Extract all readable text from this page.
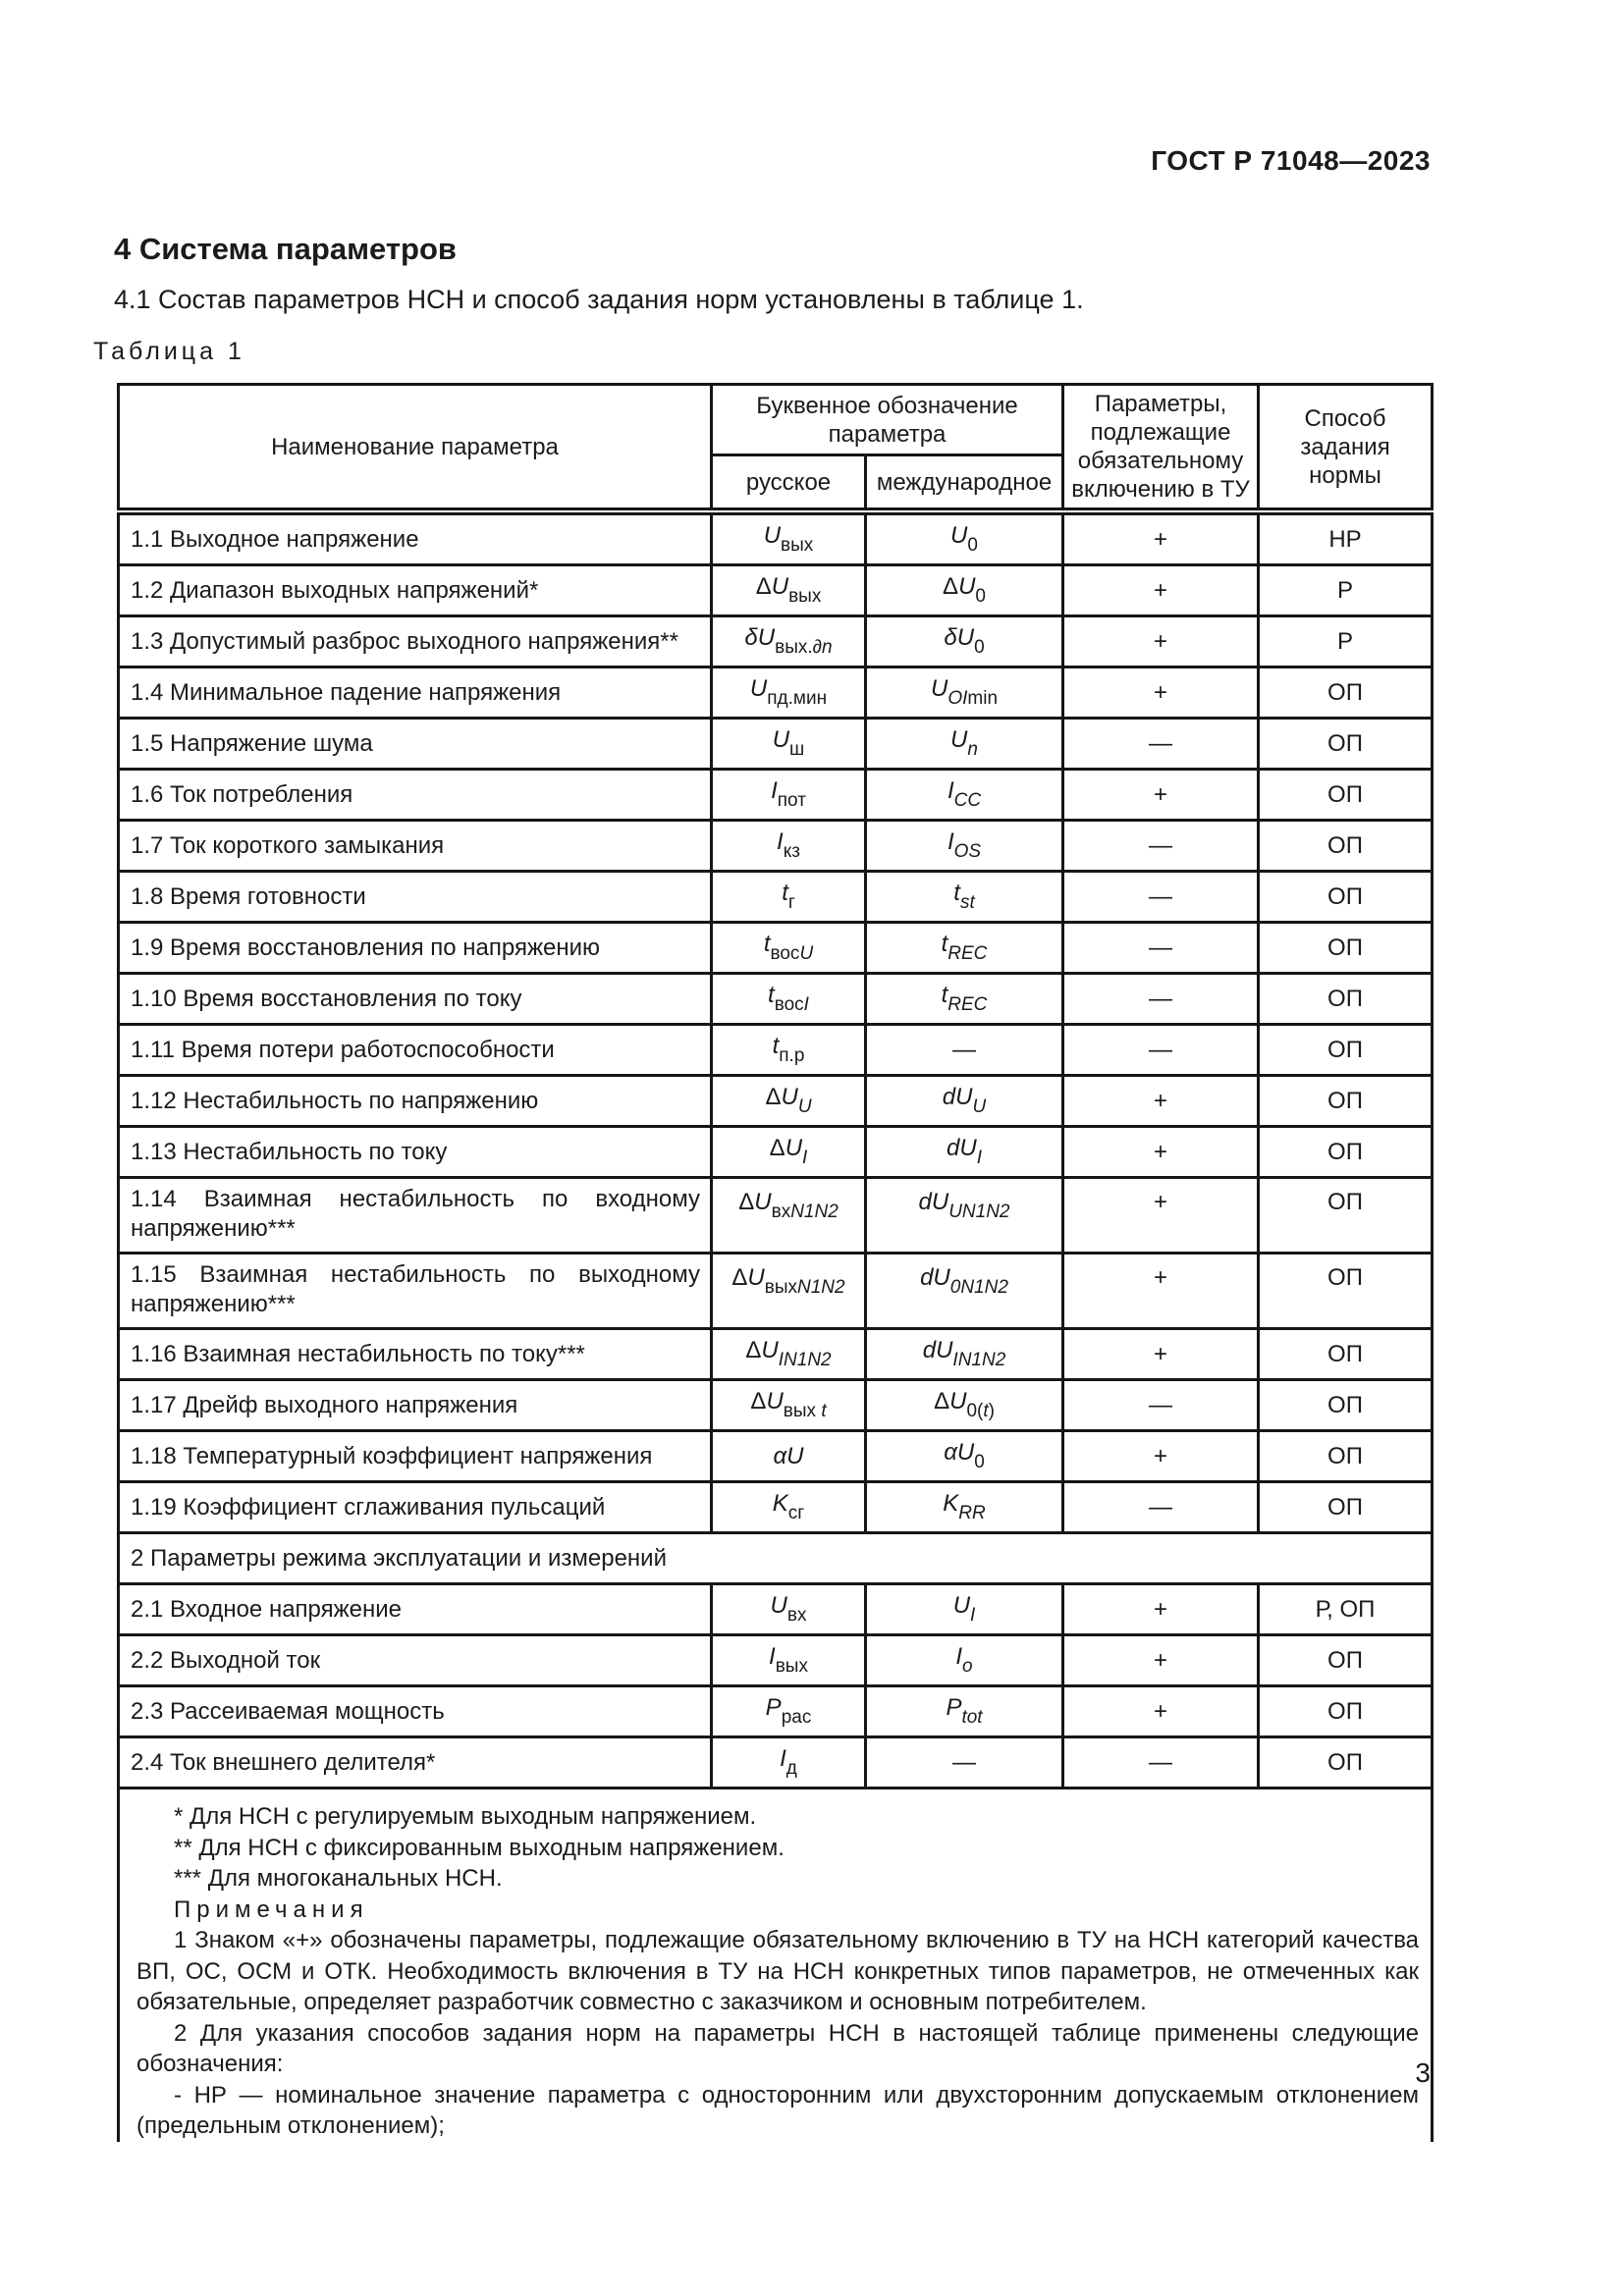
ГОСТ Р 71048—2023
4 Система параметров

4.1 Состав параметров НСН и способ задания норм установлены в таблице 1.

Таблица 1
Наименование параметра	Буквенное обозначение параметра		Параметры, подлежащие обязательному включению в ТУ	Способ задания нормы
	русское	международное		
1.1 Выходное напряжение	$U_{вых}$	$U_0$	+	НР
1.2 Диапазон выходных напряжений*	$\Delta U_{вых}$	$\Delta U_0$	+	Р
1.3 Допустимый разброс выходного напряжения**	$\delta U_{вых.\partial n}$	$\delta U_0$	+	Р
1.4 Минимальное падение напряжения	$U_{пд.мин}$	$U_{OImin}$	+	ОП
1.5 Напряжение шума	$U_ш$	$U_n$	—	ОП
1.6 Ток потребления	$I_{пот}$	$I_{CC}$	+	ОП
1.7 Ток короткого замыкания	$I_{кз}$	$I_{OS}$	—	ОП
1.8 Время готовности	$t_г$	$t_{st}$	—	ОП
1.9 Время восстановления по напряжению	$t_{восU}$	$t_{REC}$	—	ОП
1.10 Время восстановления по току	$t_{восI}$	$t_{REC}$	—	ОП
1.11 Время потери работоспособности	$t_{п.р}$	—	—	ОП
1.12 Нестабильность по напряжению	$\Delta U_U$	$dU_U$	+	ОП
1.13 Нестабильность по току	$\Delta U_I$	$dU_I$	+	ОП
1.14 Взаимная нестабильность по входному напряжению***	$\Delta U_{вхN1N2}$	$dU_{UN1N2}$	+	ОП
1.15 Взаимная нестабильность по выходному напряжению***	$\Delta U_{выхN1N2}$	$dU_{0N1N2}$	+	ОП
1.16 Взаимная нестабильность по току***	$\Delta U_{IN1N2}$	$dU_{IN1N2}$	+	ОП
1.17 Дрейф выходного напряжения	$\Delta U_{вых}$ $_t$	$\Delta U_{0(t)}$	—	ОП
1.18 Температурный коэффициент напряжения	αU	$\alpha U_0$	+	ОП
1.19 Коэффициент сглаживания пульсаций	$K_{сг}$	$K_{RR}$	—	ОП
2 Параметры режима эксплуатации и измерений				
2.1 Входное напряжение	$U_{вх}$	$U_I$	+	Р, ОП
2.2 Выходной ток	$I_{вых}$	$I_o$	+	ОП
2.3 Рассеиваемая мощность	$P_{рас}$	$P_{tot}$	+	ОП
2.4 Ток внешнего делителя*	$I_д$	—	—	ОП

* Для НСН с регулируемым выходным напряжением.

** Для НСН с фиксированным выходным напряжением.

*** Для многоканальных НСН.

Примечания

1 Знаком «+» обозначены параметры, подлежащие обязательному включению в ТУ на НСН категорий качества ВП, ОС, ОСМ и ОТК. Необходимость включения в ТУ на НСН конкретных типов параметров, не отмеченных как обязательные, определяет разработчик совместно с заказчиком и основным потребителем.

2 Для указания способов задания норм на параметры НСН в настоящей таблице применены следующие обозначения:

- НР — номинальное значение параметра с односторонним или двухсторонним допускаемым отклонением (предельным отклонением);

3
